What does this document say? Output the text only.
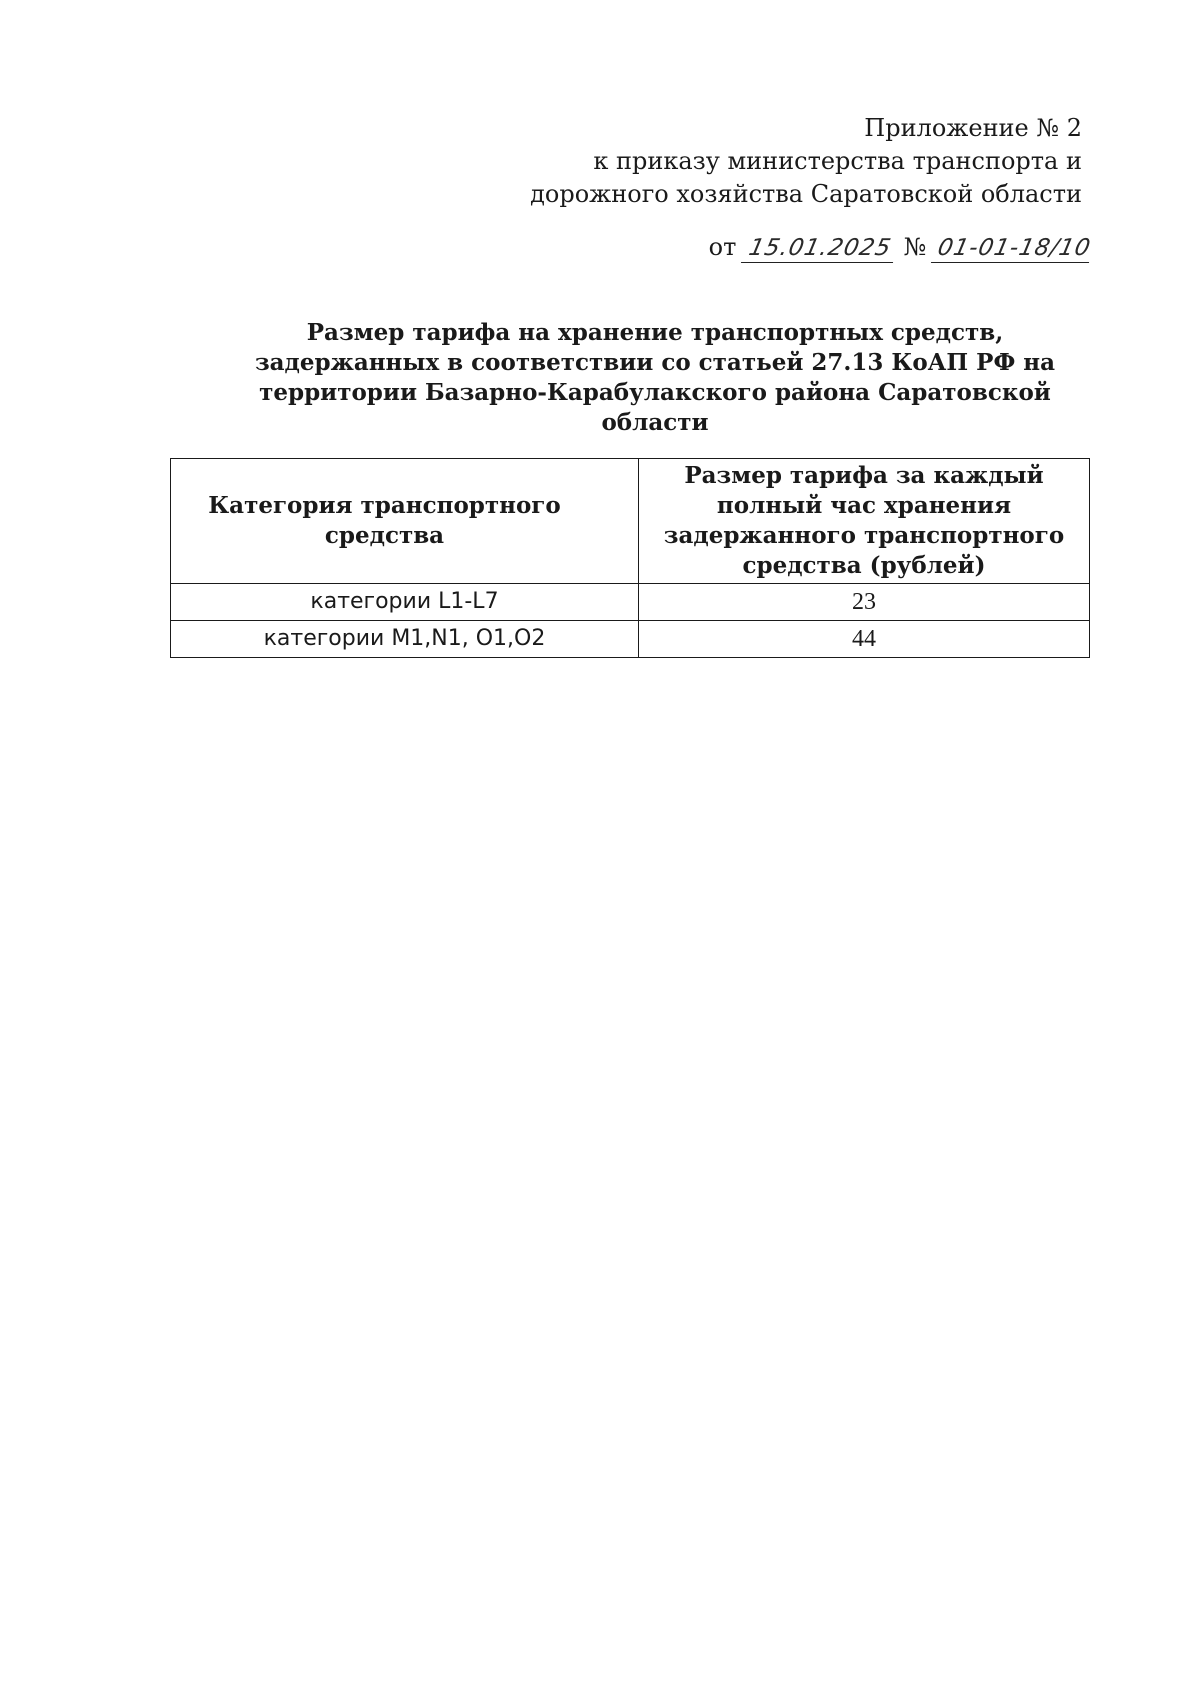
Приложение № 2
к приказу министерства транспорта и
дорожного хозяйства Саратовской области
от 15.01.2025 № 01-01-18/10
Размер тарифа на хранение транспортных средств, задержанных в соответствии со статьей 27.13 КоАП РФ на территории Базарно-Карабулакского района Саратовской области
Категория транспортного средства	Размер тарифа за каждый полный час хранения задержанного транспортного средства (рублей)
категории L1-L7	23
категории M1,N1, O1,O2	44
